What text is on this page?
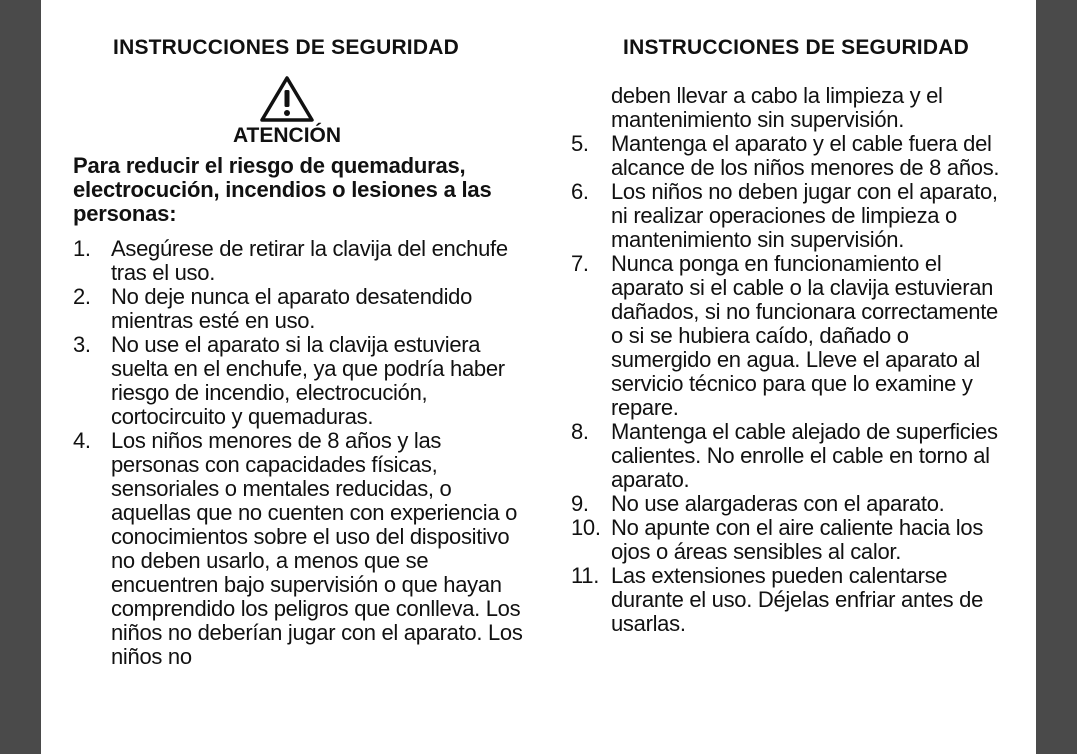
INSTRUCCIONES DE SEGURIDAD
ATENCIÓN
Para reducir el riesgo de quemaduras, electrocución, incendios o lesiones a las personas:
1. Asegúrese de retirar la clavija del enchufe tras el uso.
2. No deje nunca el aparato desatendido mientras esté en uso.
3. No use el aparato si la clavija estuviera suelta en el enchufe, ya que podría haber riesgo de incendio, electrocución, cortocircuito y quemaduras.
4. Los niños menores de 8 años y las personas con capacidades físicas, sensoriales o mentales reducidas, o aquellas que no cuenten con experiencia o conocimientos sobre el uso del dispositivo no deben usarlo, a menos que se encuentren bajo supervisión o que hayan comprendido los peligros que conlleva. Los niños no deberían jugar con el aparato. Los niños no
INSTRUCCIONES DE SEGURIDAD
deben llevar a cabo la limpieza y el mantenimiento sin supervisión.
5. Mantenga el aparato y el cable fuera del alcance de los niños menores de 8 años.
6. Los niños no deben jugar con el aparato, ni realizar operaciones de limpieza o mantenimiento sin supervisión.
7. Nunca ponga en funcionamiento el aparato si el cable o la clavija estuvieran dañados, si no funcionara correctamente o si se hubiera caído, dañado o sumergido en agua. Lleve el aparato al servicio técnico para que lo examine y repare.
8. Mantenga el cable alejado de superficies calientes. No enrolle el cable en torno al aparato.
9. No use alargaderas con el aparato.
10. No apunte con el aire caliente hacia los ojos o áreas sensibles al calor.
11. Las extensiones pueden calentarse durante el uso. Déjelas enfriar antes de usarlas.
